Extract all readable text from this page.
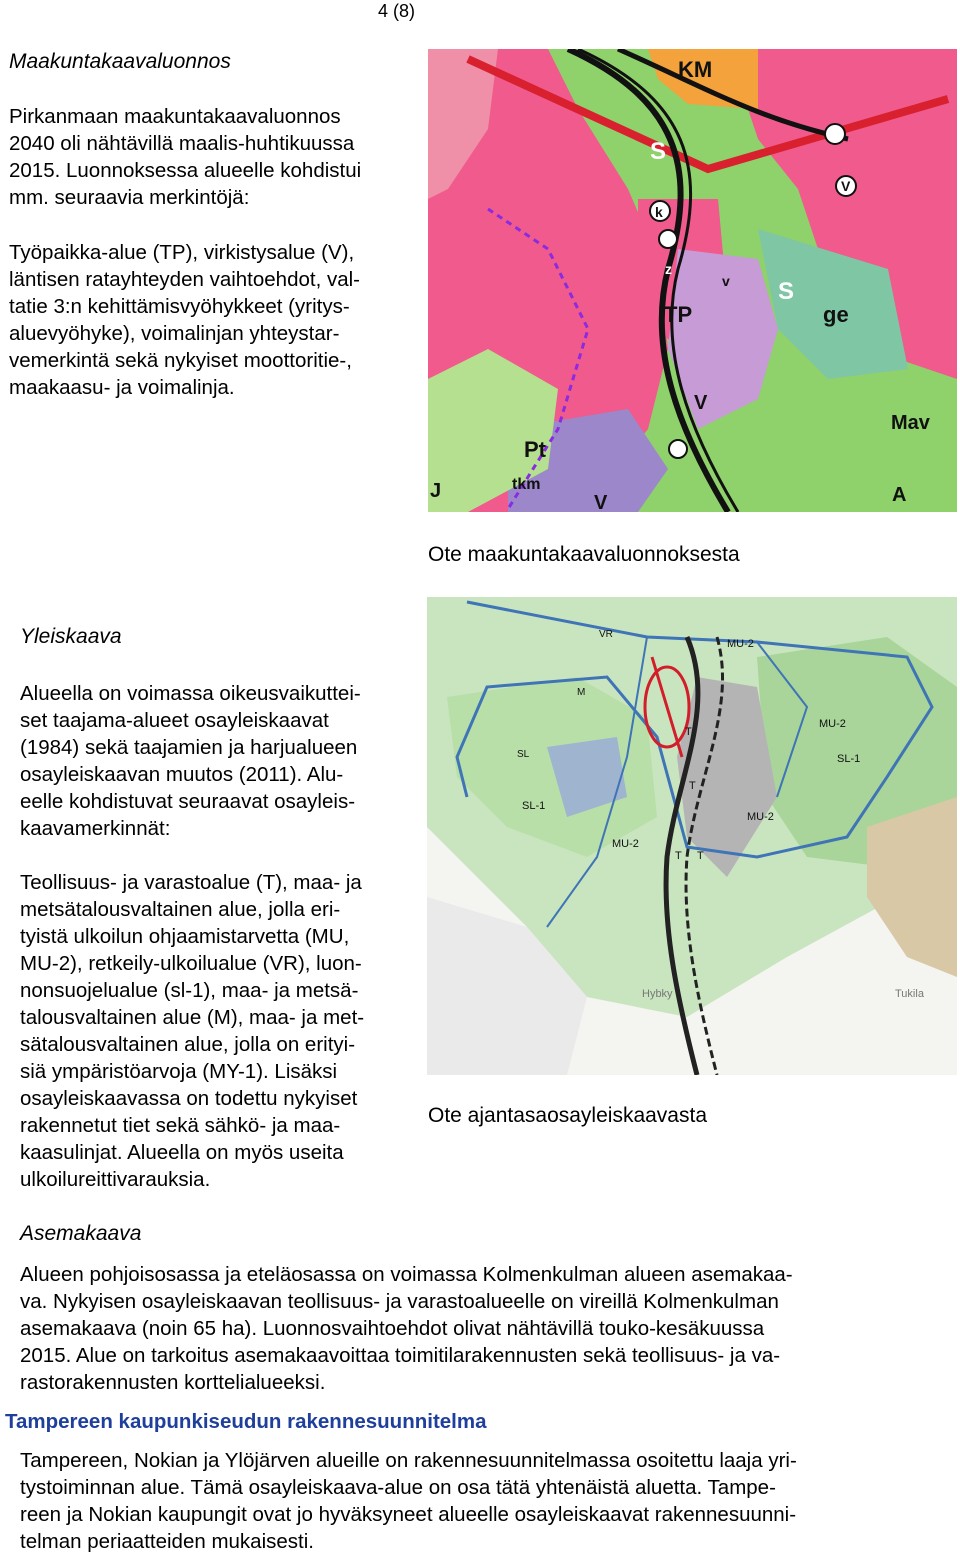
4 (8)
Maakuntakaavaluonnos
Pirkanmaan maakuntakaavaluonnos
2040 oli nähtävillä maalis-huhtikuussa
2015. Luonnoksessa alueelle kohdistui
mm. seuraavia merkintöjä:
Työpaikka-alue (TP), virkistysalue (V),
läntisen ratayhteyden vaihtoehdot, val-
tatie 3:n kehittämisvyöhykkeet (yritys-
aluevyöhyke), voimalinjan yhteystar-
vemerkintä sekä nykyiset moottoritie-,
maakaasu- ja voimalinja.
KM
S
V
k
z
v
TP
S
ge
V
Pt
tkm
V
Mav
A
J
Ote maakuntakaavaluonnoksesta
Yleiskaava
Alueella on voimassa oikeusvaikuttei-
set taajama-alueet osayleiskaavat
(1984) sekä taajamien ja harjualueen
osayleiskaavan muutos (2011). Alu-
eelle kohdistuvat seuraavat osayleis-
kaavamerkinnät:
Teollisuus- ja varastoalue (T), maa- ja
metsätalousvaltainen alue, jolla eri-
tyistä ulkoilun ohjaamistarvetta (MU,
MU-2), retkeily-ulkoilualue (VR), luon-
nonsuojelualue (sl-1), maa- ja metsä-
talousvaltainen alue (M), maa- ja met-
sätalousvaltainen alue, jolla on erityi-
siä ympäristöarvoja (MY-1). Lisäksi
osayleiskaavassa on todettu nykyiset
rakennetut tiet sekä sähkö- ja maa-
kaasulinjat. Alueella on myös useita
ulkoilureittivarauksia.
MU-2
MU-2
SL-1
MU-2
SL-1
MU-2
T
T
T T
M
VR
SL
Hybky	Tukila
Ote ajantasaosayleiskaavasta
Asemakaava
Alueen pohjoisosassa ja eteläosassa on voimassa Kolmenkulman alueen asemakaa-
va. Nykyisen osayleiskaavan teollisuus- ja varastoalueelle on vireillä Kolmenkulman
asemakaava (noin 65 ha). Luonnosvaihtoehdot olivat nähtävillä touko-kesäkuussa
2015. Alue on tarkoitus asemakaavoittaa toimitilarakennusten sekä teollisuus- ja va-
rastorakennusten korttelialueeksi.
Tampereen kaupunkiseudun rakennesuunnitelma
Tampereen, Nokian ja Ylöjärven alueille on rakennesuunnitelmassa osoitettu laaja yri-
tystoiminnan alue. Tämä osayleiskaava-alue on osa tätä yhtenäistä aluetta. Tampe-
reen ja Nokian kaupungit ovat jo hyväksyneet alueelle osayleiskaavat rakennesuunni-
telman periaatteiden mukaisesti.
